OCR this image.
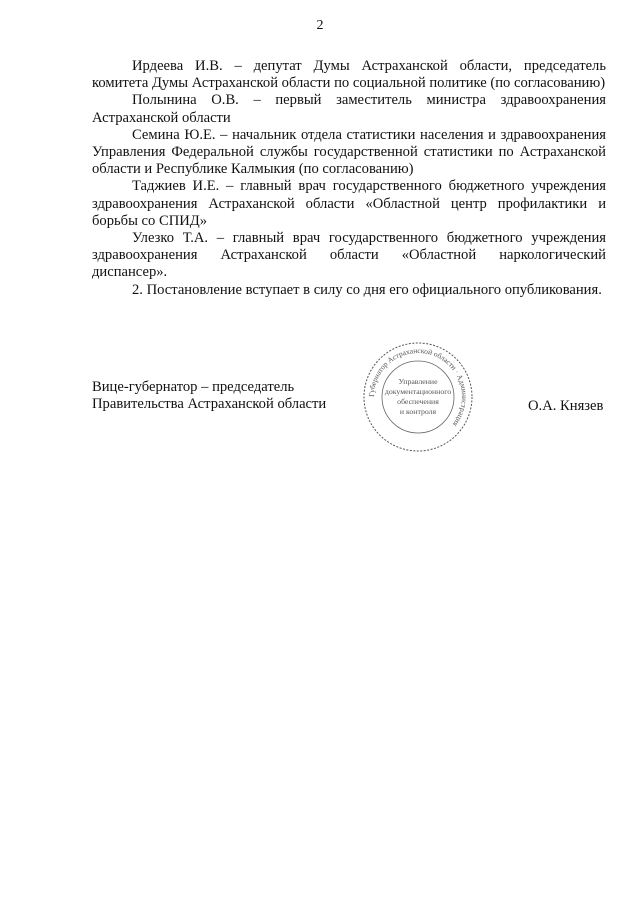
2

Ирдеева И.В. – депутат Думы Астраханской области, председатель комитета Думы Астраханской области по социальной политике (по согласованию)

Полынина О.В. – первый заместитель министра здравоохранения Астраханской области

Семина Ю.Е. – начальник отдела статистики населения и здравоохранения Управления Федеральной службы государственной статистики по Астраханской области и Республике Калмыкия (по согласованию)

Таджиев И.Е. – главный врач государственного бюджетного учреждения здравоохранения Астраханской области «Областной центр профилактики и борьбы со СПИД»

Улезко Т.А. – главный врач государственного бюджетного учреждения здравоохранения Астраханской области «Областной наркологический диспансер».

2. Постановление вступает в силу со дня его официального опубликования.

Вице-губернатор – председатель
Правительства Астраханской области	О.А. Князев
Губернатор Астраханской области · Администрация
Управление
документационного
обеспечения
и контроля
